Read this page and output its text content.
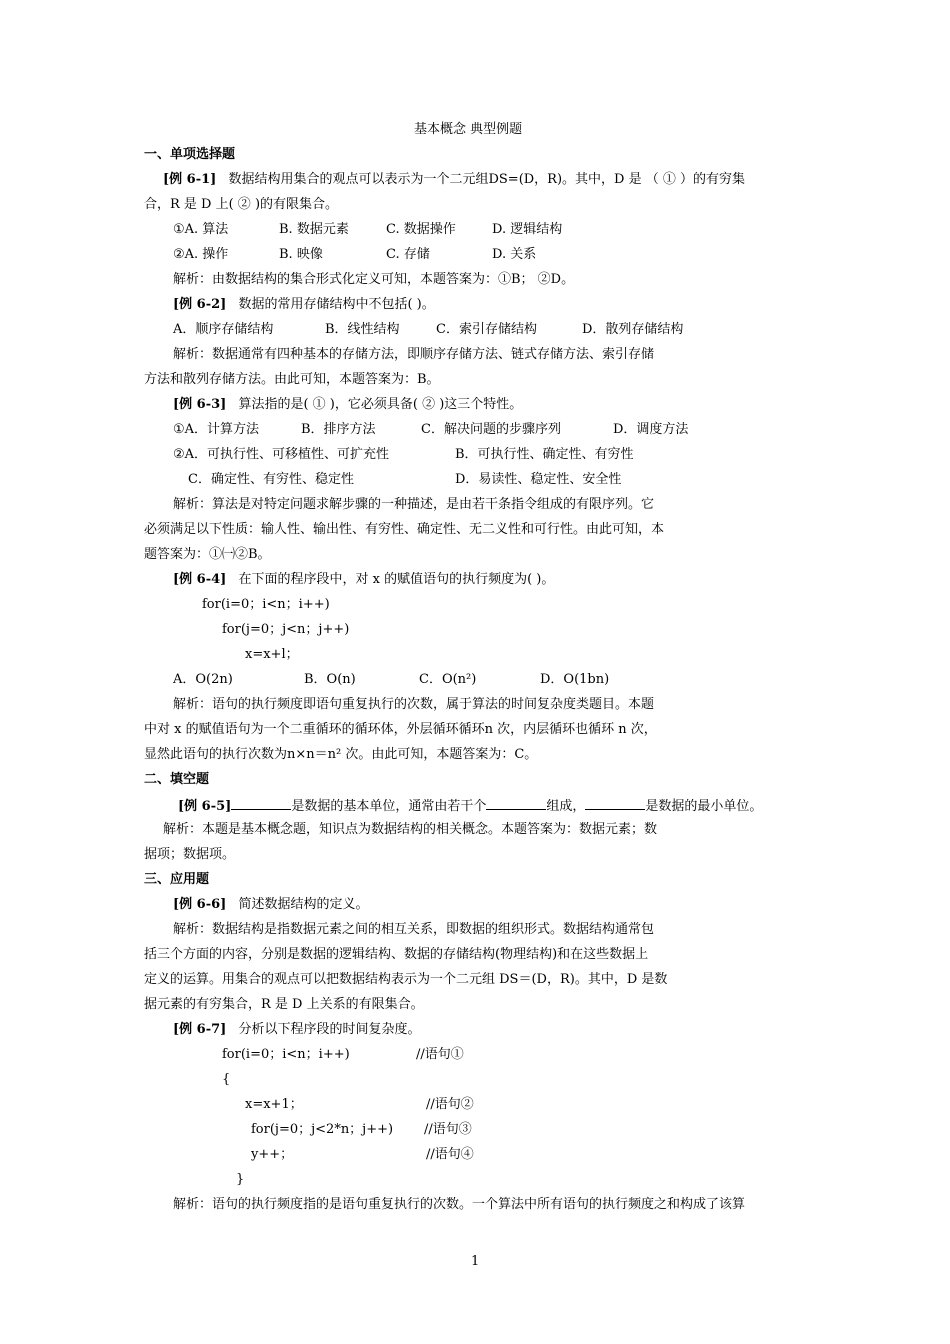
基本概念 典型例题
一、单项选择题
[例 6-1] 数据结构用集合的观点可以表示为一个二元组DS=(D，R)。其中，D 是 （ ① ）的有穷集
合，R 是 D 上( ② )的有限集合。
①A. 算法	B. 数据元素	C. 数据操作	D. 逻辑结构
②A. 操作	B. 映像	C. 存储	D. 关系
解析：由数据结构的集合形式化定义可知，本题答案为：①B； ②D。
[例 6-2] 数据的常用存储结构中不包括( )。
A．顺序存储结构	B．线性结构	C．索引存储结构	D．散列存储结构
解析：数据通常有四种基本的存储方法，即顺序存储方法、链式存储方法、索引存储
方法和散列存储方法。由此可知，本题答案为：B。
[例 6-3] 算法指的是( ① )，它必须具备( ② )这三个特性。
①A．计算方法	B．排序方法	C．解决问题的步骤序列	D．调度方法
②A．可执行性、可移植性、可扩充性	B．可执行性、确定性、有穷性
C．确定性、有穷性、稳定性	D．易读性、稳定性、安全性
解析：算法是对特定问题求解步骤的一种描述，是由若干条指令组成的有限序列。它
必须满足以下性质：输人性、输出性、有穷性、确定性、无二义性和可行性。由此可知，本
题答案为：①㈠②B。
[例 6-4] 在下面的程序段中，对 x 的赋值语句的执行频度为( )。
for(i=0；i<n；i++)
for(j=0；j<n；j++)
x=x+l；
A．O(2n)	B．O(n)	C．O(n²)	D．O(1bn)
解析：语句的执行频度即语句重复执行的次数，属于算法的时间复杂度类题目。本题
中对 x 的赋值语句为一个二重循环的循环体，外层循环循环n 次，内层循环也循环 n 次，
显然此语句的执行次数为n×n＝n² 次。由此可知，本题答案为：C。
二、填空题
[例 6-5]	是数据的基本单位，通常由若干个	组成，	是数据的最小单位。
解析：本题是基本概念题，知识点为数据结构的相关概念。本题答案为：数据元素；数
据项；数据项。
三、应用题
[例 6-6] 简述数据结构的定义。
解析：数据结构是指数据元素之间的相互关系，即数据的组织形式。数据结构通常包
括三个方面的内容，分别是数据的逻辑结构、数据的存储结构(物理结构)和在这些数据上
定义的运算。用集合的观点可以把数据结构表示为一个二元组 DS＝(D，R)。其中，D 是数
据元素的有穷集合，R 是 D 上关系的有限集合。
[例 6-7] 分析以下程序段的时间复杂度。
for(i=0；i<n；i++)	//语句①
{
x=x+1；	//语句②
for(j=0；j<2*n；j++) //语句③
y++；	//语句④
}
解析：语句的执行频度指的是语句重复执行的次数。一个算法中所有语句的执行频度之和构成了该算
1
